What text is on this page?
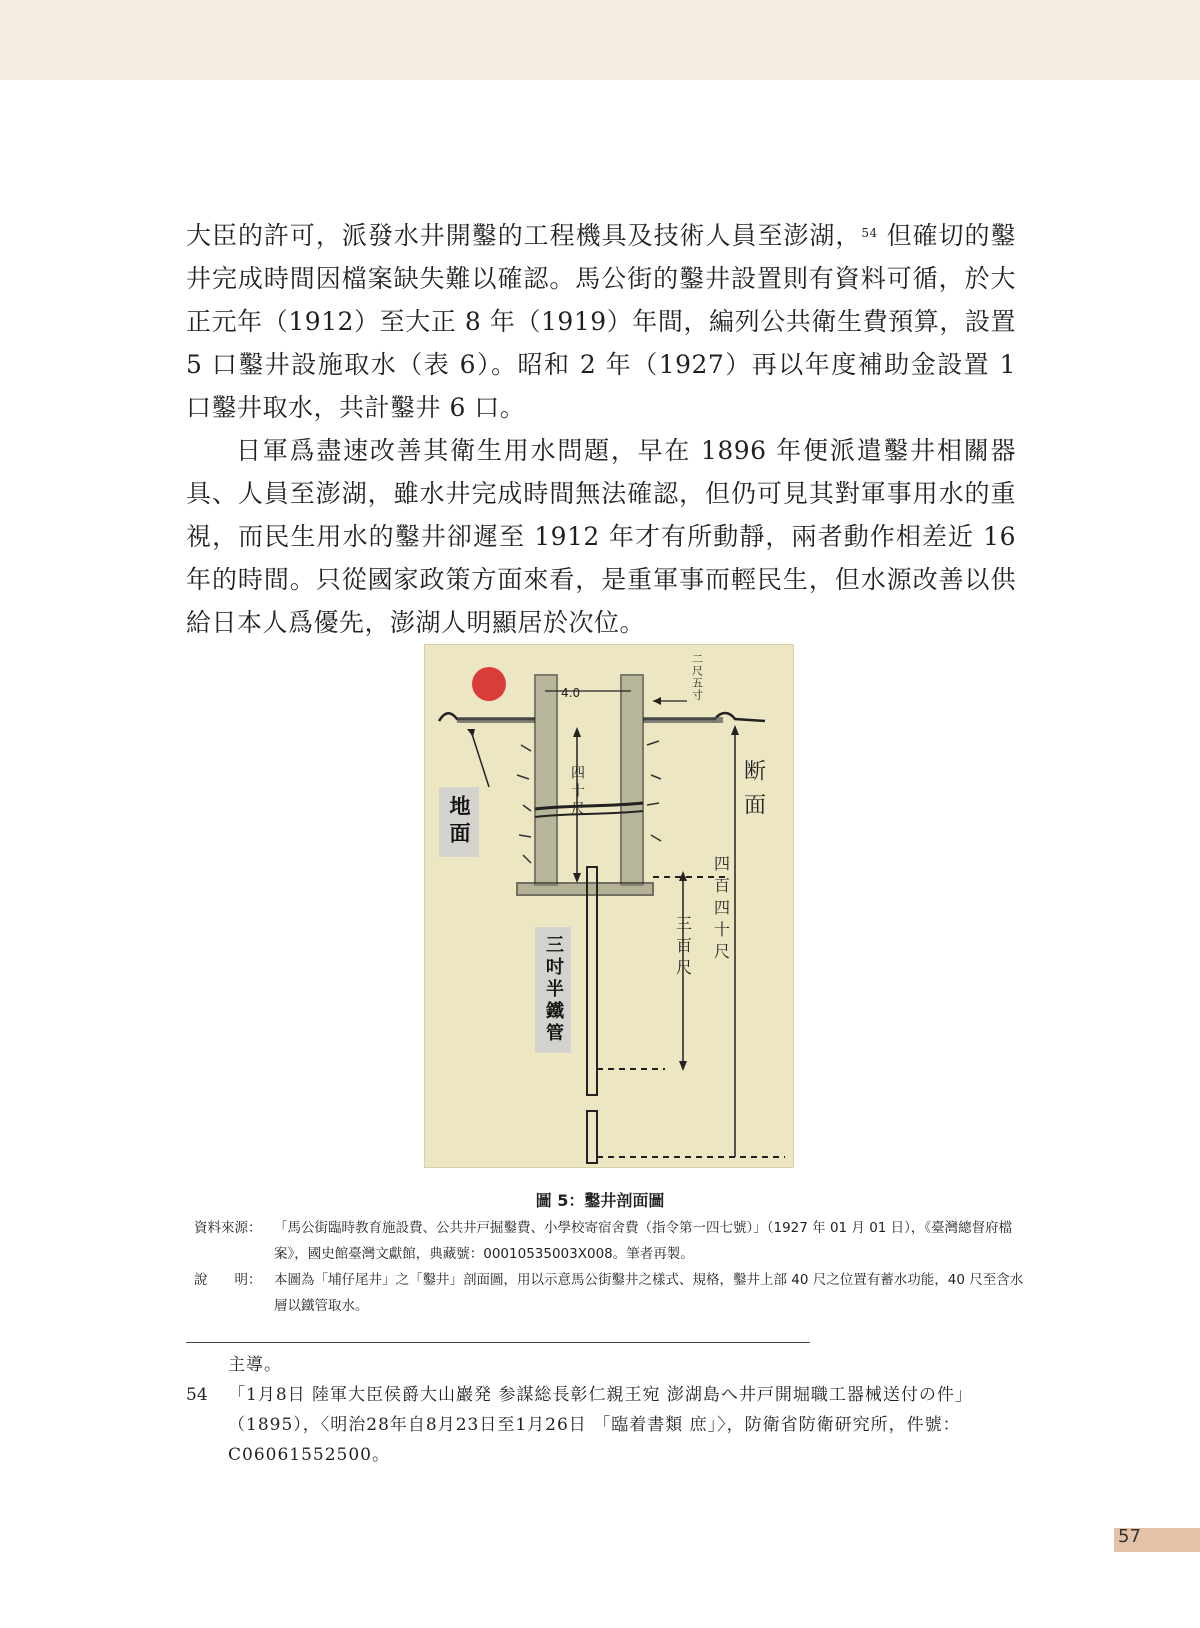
大臣的許可，派發水井開鑿的工程機具及技術人員至澎湖，$^{54}$ 但確切的鑿井完成時間因檔案缺失難以確認。馬公街的鑿井設置則有資料可循，於大正元年（1912）至大正 8 年（1919）年間，編列公共衛生費預算，設置 5 口鑿井設施取水（表 6）。昭和 2 年（1927）再以年度補助金設置 1 口鑿井取水，共計鑿井 6 口。

日軍爲盡速改善其衛生用水問題，早在 1896 年便派遣鑿井相關器具、人員至澎湖，雖水井完成時間無法確認，但仍可見其對軍事用水的重視，而民生用水的鑿井卻遲至 1912 年才有所動靜，兩者動作相差近 16 年的時間。只從國家政策方面來看，是重軍事而輕民生，但水源改善以供給日本人爲優先，澎湖人明顯居於次位。

4.0	二尺五寸
断面
四十尺
四百四十尺
三百尺
地面
三吋半鐵管
圖 5：鑿井剖面圖
資料來源： 「馬公街臨時教育施設費、公共井戸掘鑿費、小學校寄宿舍費（指令第一四七號）」（1927 年 01 月 01 日），《臺灣總督府檔案》，國史館臺灣文獻館，典藏號：00010535003X008。筆者再製。
說　　明： 本圖為「埔仔尾井」之「鑿井」剖面圖，用以示意馬公街鑿井之樣式、規格，鑿井上部 40 尺之位置有蓄水功能，40 尺至含水層以鐵管取水。
主導。
54	「1月8日 陸軍大臣侯爵大山巖発 参謀総長彰仁親王宛 澎湖島へ井戸開堀職工器械送付の件」（1895），〈明治28年自8月23日至1月26日 「臨着書類 庶」〉，防衛省防衛研究所，件號：C06061552500。
57
